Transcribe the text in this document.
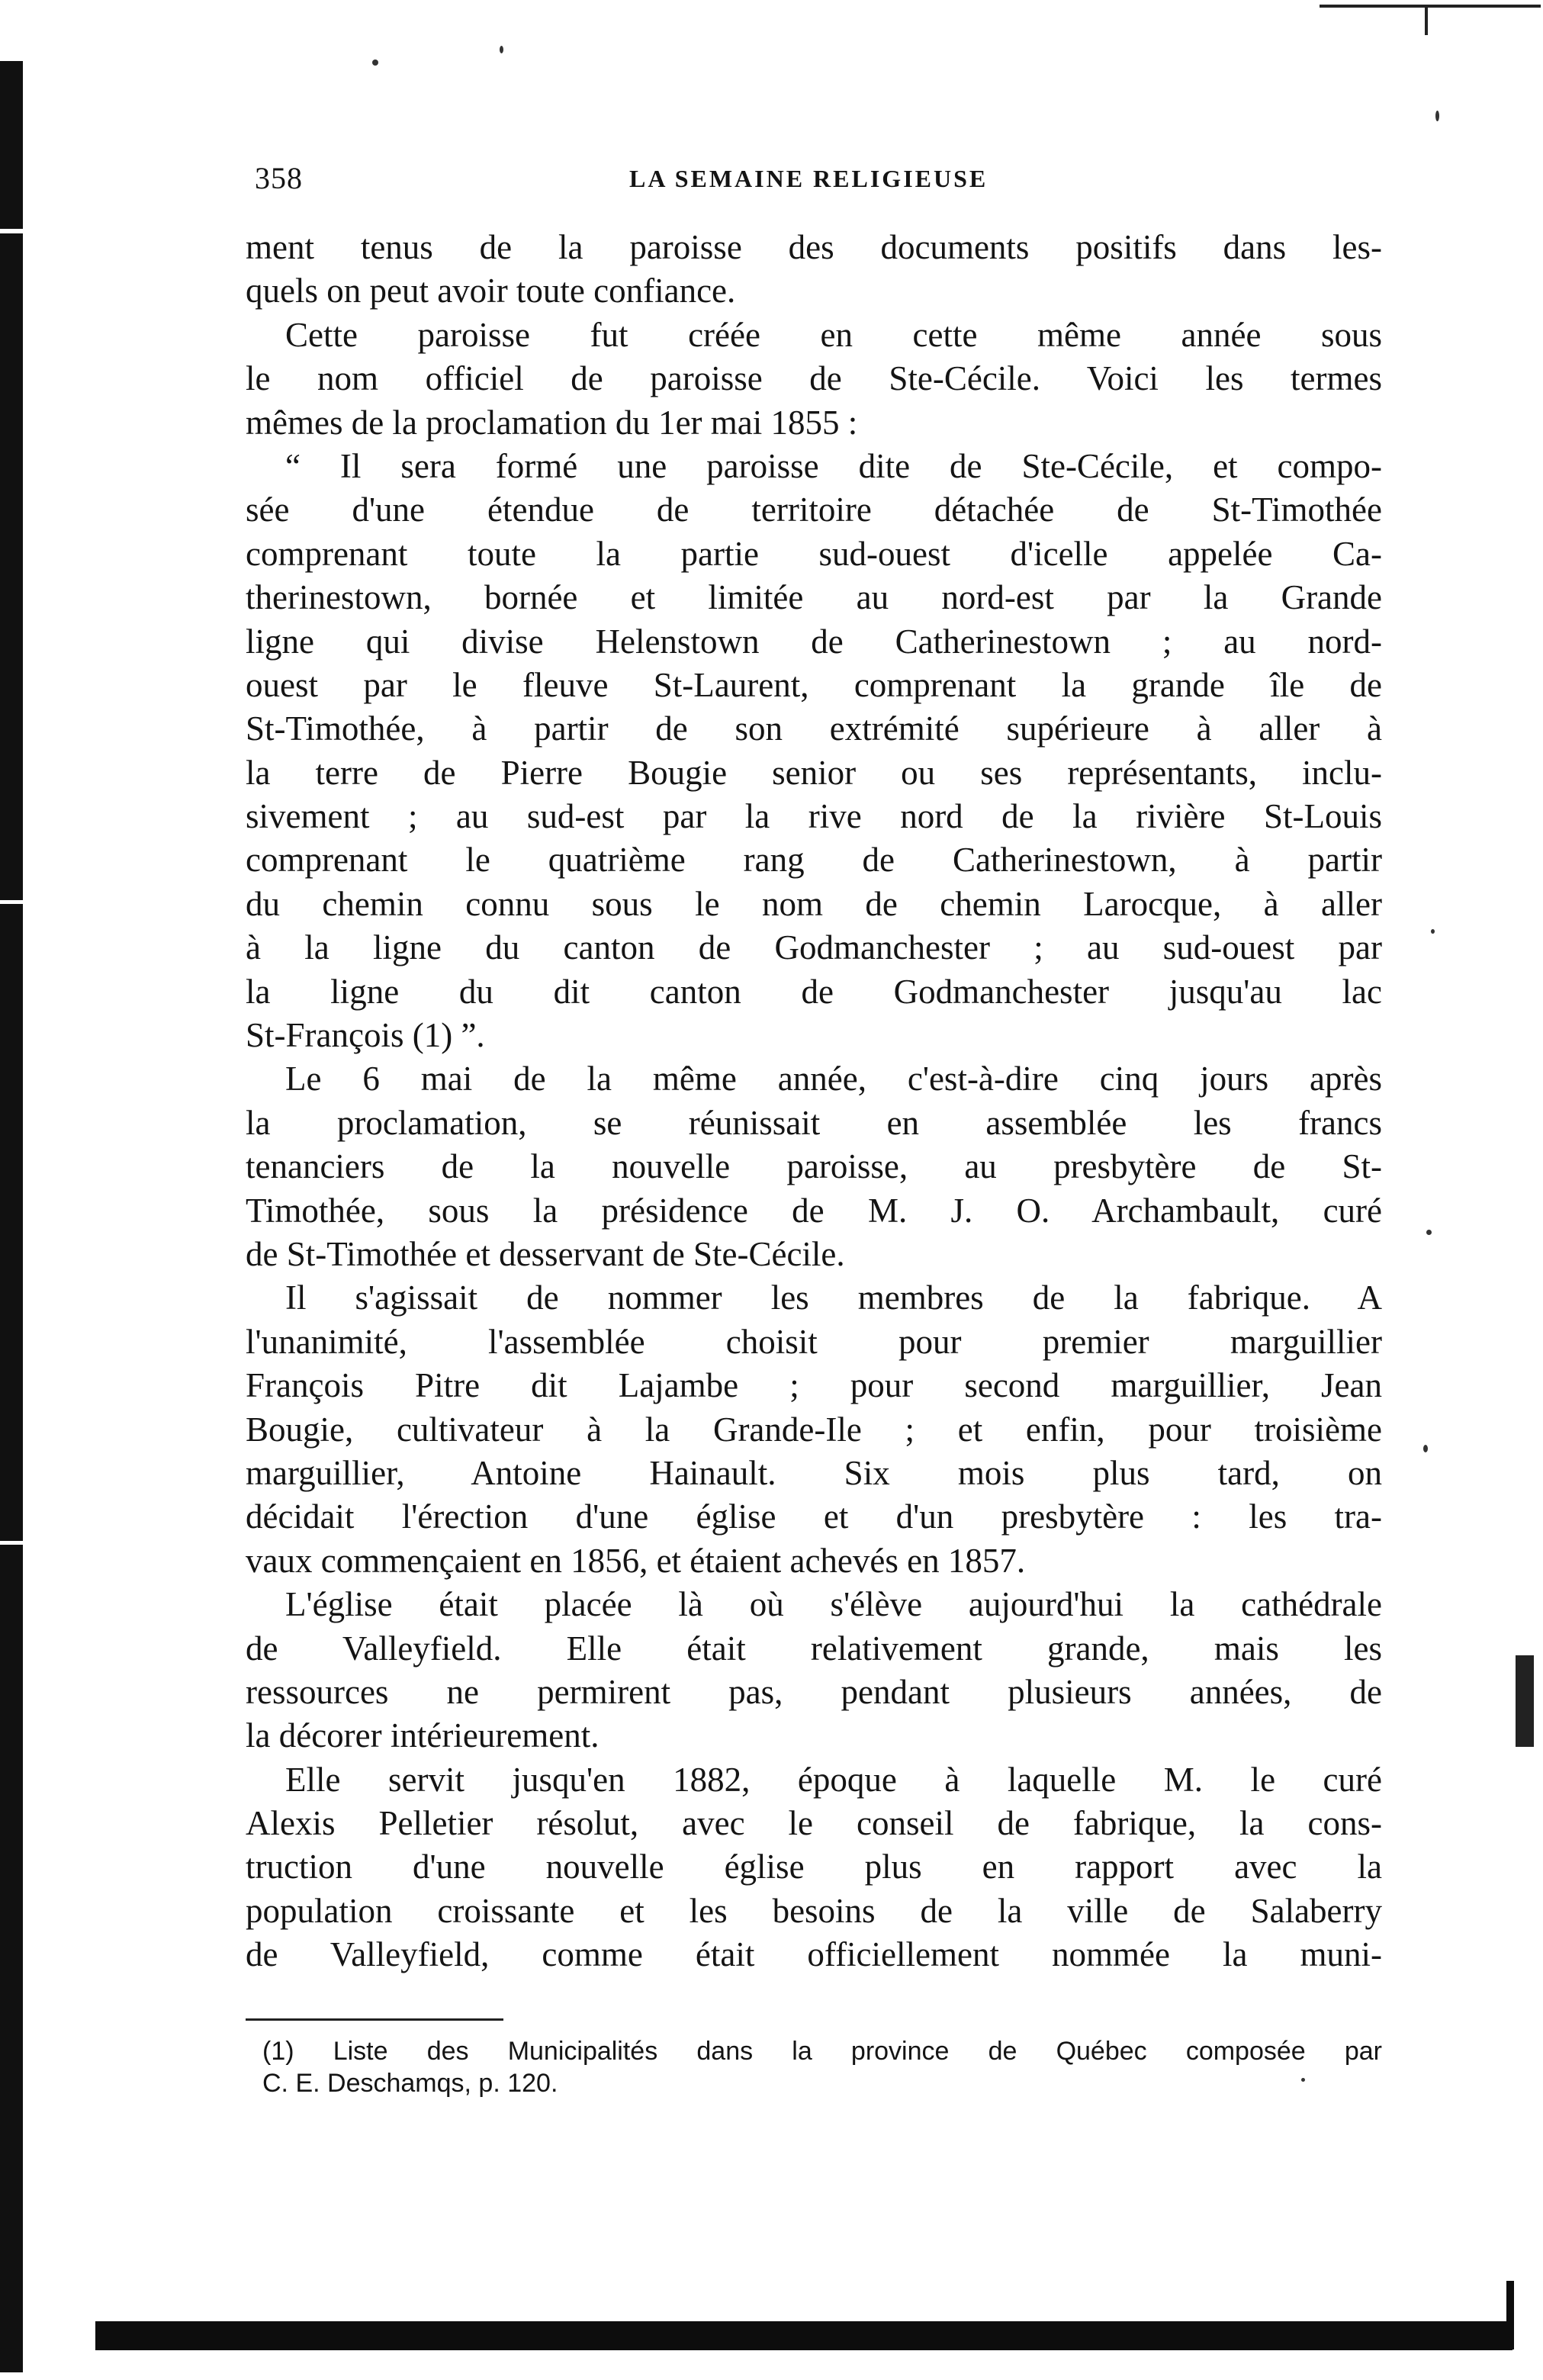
358	LA SEMAINE RELIGIEUSE
ment tenus de la paroisse des documents positifs dans les-
quels on peut avoir toute confiance.
Cette paroisse fut créée en cette même année sous
le nom officiel de paroisse de Ste-Cécile. Voici les termes
mêmes de la proclamation du 1er mai 1855 :
“ Il sera formé une paroisse dite de Ste-Cécile, et compo-
sée d'une étendue de territoire détachée de St-Timothée
comprenant toute la partie sud-ouest d'icelle appelée Ca-
therinestown, bornée et limitée au nord-est par la Grande
ligne qui divise Helenstown de Catherinestown ; au nord-
ouest par le fleuve St-Laurent, comprenant la grande île de
St-Timothée, à partir de son extrémité supérieure à aller à
la terre de Pierre Bougie senior ou ses représentants, inclu-
sivement ; au sud-est par la rive nord de la rivière St-Louis
comprenant le quatrième rang de Catherinestown, à partir
du chemin connu sous le nom de chemin Larocque, à aller
à la ligne du canton de Godmanchester ; au sud-ouest par
la ligne du dit canton de Godmanchester jusqu'au lac
St-François (1) ”.
Le 6 mai de la même année, c'est-à-dire cinq jours après
la proclamation, se réunissait en assemblée les francs
tenanciers de la nouvelle paroisse, au presbytère de St-
Timothée, sous la présidence de M. J. O. Archambault, curé
de St-Timothée et desservant de Ste-Cécile.
Il s'agissait de nommer les membres de la fabrique. A
l'unanimité, l'assemblée choisit pour premier marguillier
François Pitre dit Lajambe ; pour second marguillier, Jean
Bougie, cultivateur à la Grande-Ile ; et enfin, pour troisième
marguillier, Antoine Hainault. Six mois plus tard, on
décidait l'érection d'une église et d'un presbytère : les tra-
vaux commençaient en 1856, et étaient achevés en 1857.
L'église était placée là où s'élève aujourd'hui la cathédrale
de Valleyfield. Elle était relativement grande, mais les
ressources ne permirent pas, pendant plusieurs années, de
la décorer intérieurement.
Elle servit jusqu'en 1882, époque à laquelle M. le curé
Alexis Pelletier résolut, avec le conseil de fabrique, la cons-
truction d'une nouvelle église plus en rapport avec la
population croissante et les besoins de la ville de Salaberry
de Valleyfield, comme était officiellement nommée la muni-
(1) Liste des Municipalités dans la province de Québec composée par
C. E. Deschamqs, p. 120.
